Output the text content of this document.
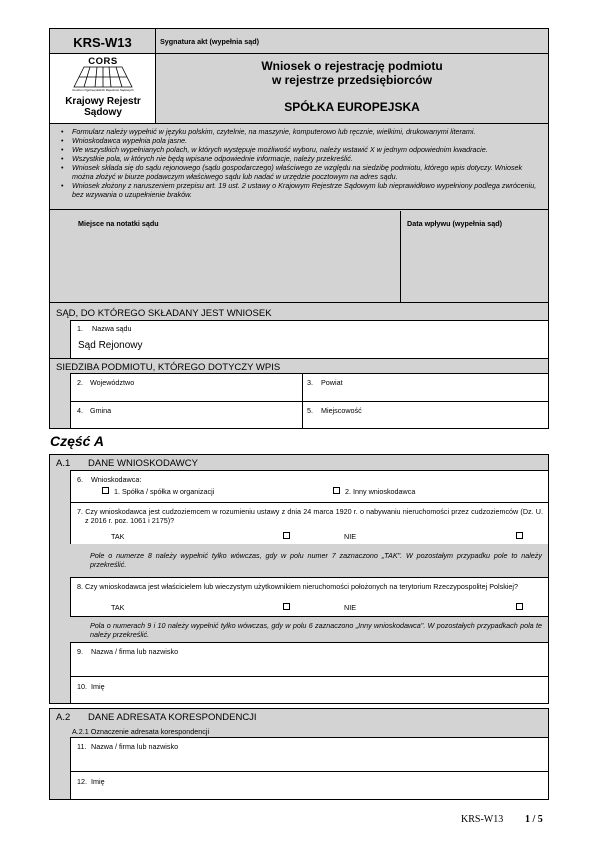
KRS-W13
CORS
Centrum Ogólnopolskich Rejestrów Sądowych
Krajowy Rejestr
Sądowy
Sygnatura akt (wypełnia sąd)
Wniosek o rejestrację podmiotu
w rejestrze przedsiębiorców
SPÓŁKA EUROPEJSKA
• Formularz należy wypełnić w języku polskim, czytelnie, na maszynie, komputerowo lub ręcznie, wielkimi, drukowanymi literami.
• Wnioskodawca wypełnia pola jasne.
• We wszystkich wypełnianych polach, w których występuje możliwość wyboru, należy wstawić X w jednym odpowiednim kwadracie.
• Wszystkie pola, w których nie będą wpisane odpowiednie informacje, należy przekreślić.
• Wniosek składa się do sądu rejonowego (sądu gospodarczego) właściwego ze względu na siedzibę podmiotu, którego wpis dotyczy. Wniosek można złożyć w biurze podawczym właściwego sądu lub nadać w urzędzie pocztowym na adres sądu.
• Wniosek złożony z naruszeniem przepisu art. 19 ust. 2 ustawy o Krajowym Rejestrze Sądowym lub nieprawidłowo wypełniony podlega zwróceniu, bez wzywania o uzupełnienie braków.
Miejsce na notatki sądu	Data wpływu (wypełnia sąd)
SĄD, DO KTÓREGO SKŁADANY JEST WNIOSEK
1. Nazwa sądu
Sąd Rejonowy
SIEDZIBA PODMIOTU, KTÓREGO DOTYCZY WPIS
2. Województwo	3. Powiat
4. Gmina	5. Miejscowość
Część A
A.1 DANE WNIOSKODAWCY
6. Wnioskodawca:
1. Spółka / spółka w organizacji	2. Inny wnioskodawca
7. Czy wnioskodawca jest cudzoziemcem w rozumieniu ustawy z dnia 24 marca 1920 r. o nabywaniu nieruchomości przez cudzoziemców (Dz. U. z 2016 r. poz. 1061 i 2175)?
TAK	NIE
Pole o numerze 8 należy wypełnić tylko wówczas, gdy w polu numer 7 zaznaczono „TAK". W pozostałym przypadku pole to należy przekreślić.
8. Czy wnioskodawca jest właścicielem lub wieczystym użytkownikiem nieruchomości położonych na terytorium Rzeczypospolitej Polskiej?
TAK	NIE
Pola o numerach 9 i 10 należy wypełnić tylko wówczas, gdy w polu 6 zaznaczono „Inny wnioskodawca". W pozostałych przypadkach pola te należy przekreślić.
9. Nazwa / firma lub nazwisko
10. Imię
A.2 DANE ADRESATA KORESPONDENCJI
A.2.1 Oznaczenie adresata korespondencji
11. Nazwa / firma lub nazwisko
12. Imię
KRS-W13 1 / 5
